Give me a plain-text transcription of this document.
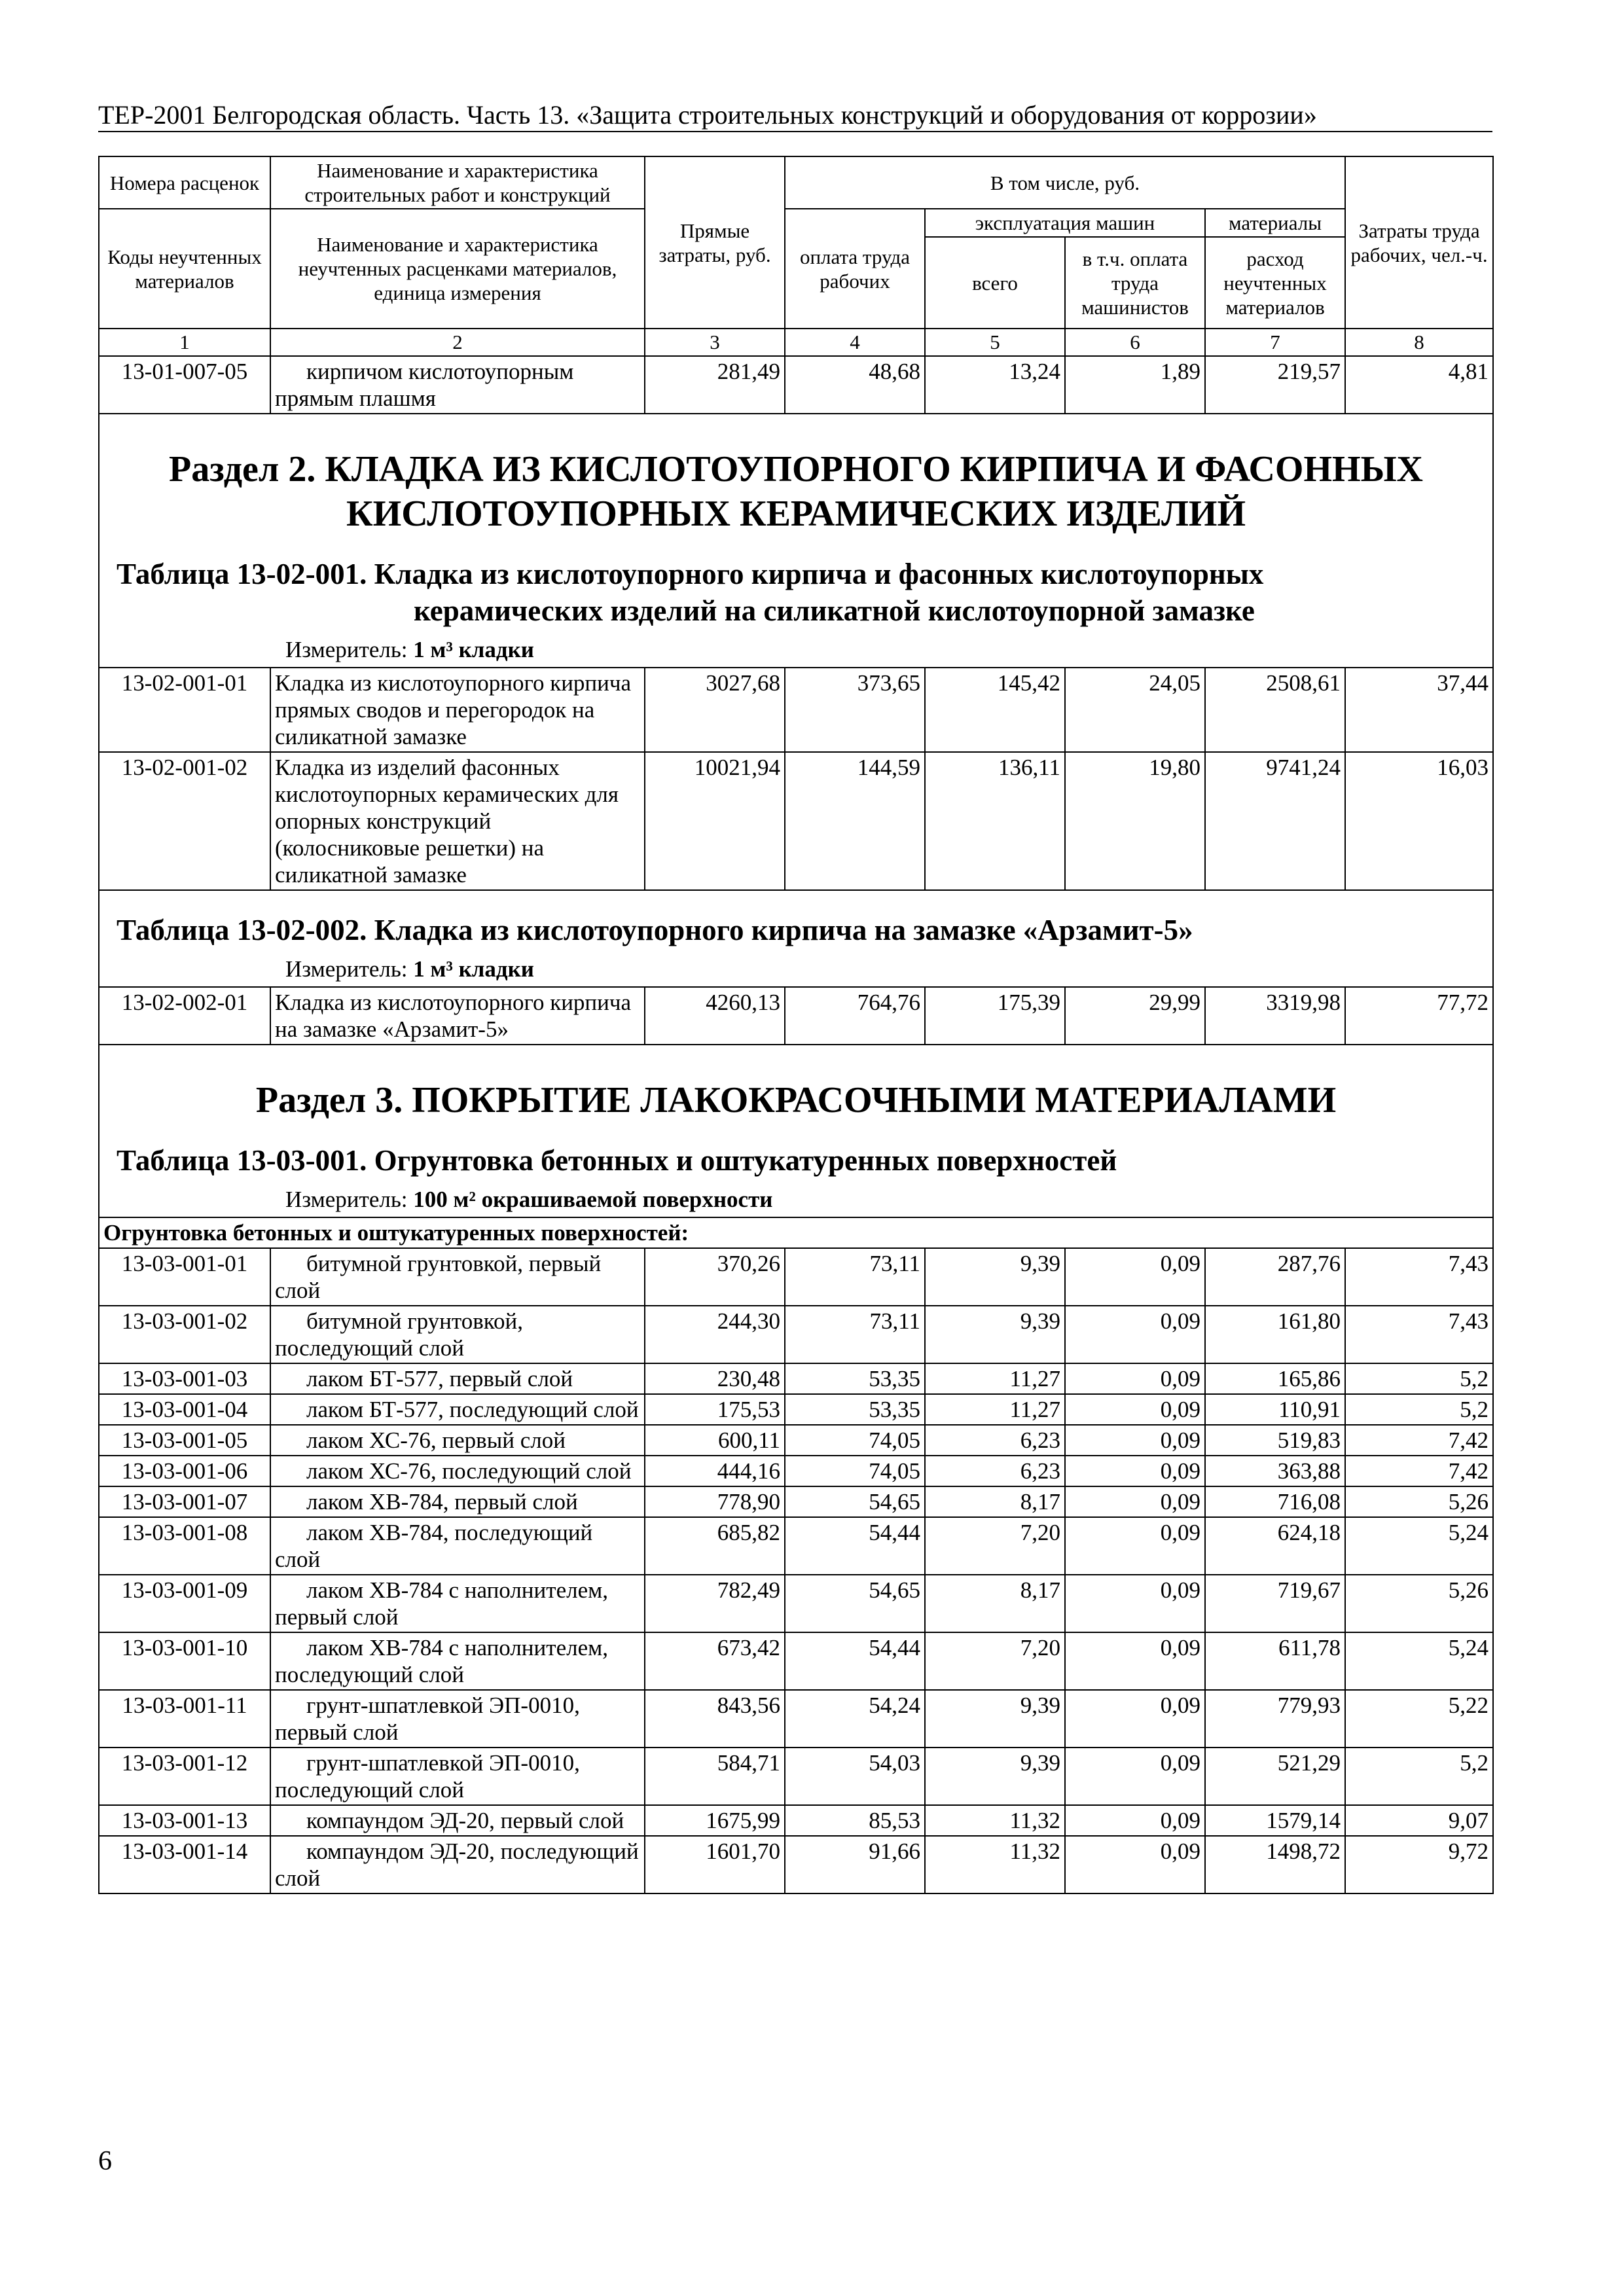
ТЕР-2001 Белгородская область. Часть 13. «Защита строительных конструкций и оборудования от коррозии»
Номера расценок	Наименование и характеристика строительных работ и конструкций	Прямые затраты, руб.	В том числе, руб.				Затраты труда рабочих, чел.-ч.
Коды неучтенных материалов	Наименование и характеристика неучтенных расценками материалов, единица измерения		оплата труда рабочих	эксплуатация машин		материалы	
				всего	в т.ч. оплата труда машинистов	расход неучтенных материалов	
1	2	3	4	5	6	7	8
13-01-007-05	кирпичом кислотоупорным прямым плашмя	281,49	48,68	13,24	1,89	219,57	4,81

Раздел 2. КЛАДКА ИЗ КИСЛОТОУПОРНОГО КИРПИЧА И ФАСОННЫХ КИСЛОТОУПОРНЫХ КЕРАМИЧЕСКИХ ИЗДЕЛИЙ
Таблица 13-02-001. Кладка из кислотоупорного кирпича и фасонных кислотоупорных
керамических изделий на силикатной кислотоупорной замазке
Измеритель: 1 м³ кладки							

13-02-001-01	Кладка из кислотоупорного кирпича прямых сводов и перегородок на силикатной замазке	3027,68	373,65	145,42	24,05	2508,61	37,44
13-02-001-02	Кладка из изделий фасонных кислотоупорных керамических для опорных конструкций (колосниковые решетки) на силикатной замазке	10021,94	144,59	136,11	19,80	9741,24	16,03

Таблица 13-02-002. Кладка из кислотоупорного кирпича на замазке «Арзамит-5»
Измеритель: 1 м³ кладки							

13-02-002-01	Кладка из кислотоупорного кирпича на замазке «Арзамит-5»	4260,13	764,76	175,39	29,99	3319,98	77,72

Раздел 3. ПОКРЫТИЕ ЛАКОКРАСОЧНЫМИ МАТЕРИАЛАМИ
Таблица 13-03-001. Огрунтовка бетонных и оштукатуренных поверхностей
Измеритель: 100 м² окрашиваемой поверхности							

Огрунтовка бетонных и оштукатуренных поверхностей:							
13-03-001-01	битумной грунтовкой, первый слой	370,26	73,11	9,39	0,09	287,76	7,43
13-03-001-02	битумной грунтовкой, последующий слой	244,30	73,11	9,39	0,09	161,80	7,43
13-03-001-03	лаком БТ-577, первый слой	230,48	53,35	11,27	0,09	165,86	5,2
13-03-001-04	лаком БТ-577, последующий слой	175,53	53,35	11,27	0,09	110,91	5,2
13-03-001-05	лаком ХС-76, первый слой	600,11	74,05	6,23	0,09	519,83	7,42
13-03-001-06	лаком ХС-76, последующий слой	444,16	74,05	6,23	0,09	363,88	7,42
13-03-001-07	лаком ХВ-784, первый слой	778,90	54,65	8,17	0,09	716,08	5,26
13-03-001-08	лаком ХВ-784, последующий слой	685,82	54,44	7,20	0,09	624,18	5,24
13-03-001-09	лаком ХВ-784 с наполнителем, первый слой	782,49	54,65	8,17	0,09	719,67	5,26
13-03-001-10	лаком ХВ-784 с наполнителем, последующий слой	673,42	54,44	7,20	0,09	611,78	5,24
13-03-001-11	грунт-шпатлевкой ЭП-0010, первый слой	843,56	54,24	9,39	0,09	779,93	5,22
13-03-001-12	грунт-шпатлевкой ЭП-0010, последующий слой	584,71	54,03	9,39	0,09	521,29	5,2
13-03-001-13	компаундом ЭД-20, первый слой	1675,99	85,53	11,32	0,09	1579,14	9,07
13-03-001-14	компаундом ЭД-20, последующий слой	1601,70	91,66	11,32	0,09	1498,72	9,72
6
